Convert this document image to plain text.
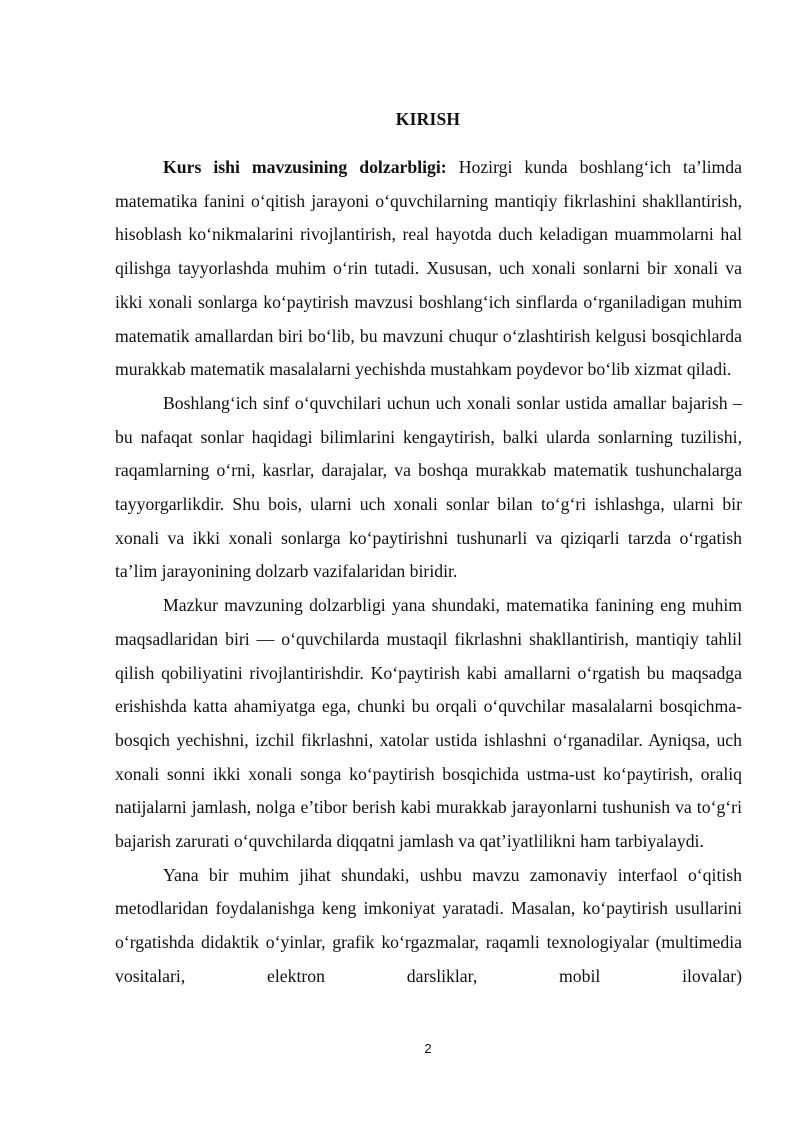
KIRISH

Kurs ishi mavzusining dolzarbligi: Hozirgi kunda boshlang‘ich ta’limda matematika fanini o‘qitish jarayoni o‘quvchilarning mantiqiy fikrlashini shakllantirish, hisoblash ko‘nikmalarini rivojlantirish, real hayotda duch keladigan muammolarni hal qilishga tayyorlashda muhim o‘rin tutadi. Xususan, uch xonali sonlarni bir xonali va ikki xonali sonlarga ko‘paytirish mavzusi boshlang‘ich sinflarda o‘rganiladigan muhim matematik amallardan biri bo‘lib, bu mavzuni chuqur o‘zlashtirish kelgusi bosqichlarda murakkab matematik masalalarni yechishda mustahkam poydevor bo‘lib xizmat qiladi.

Boshlang‘ich sinf o‘quvchilari uchun uch xonali sonlar ustida amallar bajarish – bu nafaqat sonlar haqidagi bilimlarini kengaytirish, balki ularda sonlarning tuzilishi, raqamlarning o‘rni, kasrlar, darajalar, va boshqa murakkab matematik tushunchalarga tayyorgarlikdir. Shu bois, ularni uch xonali sonlar bilan to‘g‘ri ishlashga, ularni bir xonali va ikki xonali sonlarga ko‘paytirishni tushunarli va qiziqarli tarzda o‘rgatish ta’lim jarayonining dolzarb vazifalaridan biridir.

Mazkur mavzuning dolzarbligi yana shundaki, matematika fanining eng muhim maqsadlaridan biri — o‘quvchilarda mustaqil fikrlashni shakllantirish, mantiqiy tahlil qilish qobiliyatini rivojlantirishdir. Ko‘paytirish kabi amallarni o‘rgatish bu maqsadga erishishda katta ahamiyatga ega, chunki bu orqali o‘quvchilar masalalarni bosqichma-bosqich yechishni, izchil fikrlashni, xatolar ustida ishlashni o‘rganadilar. Ayniqsa, uch xonali sonni ikki xonali songa ko‘paytirish bosqichida ustma-ust ko‘paytirish, oraliq natijalarni jamlash, nolga e’tibor berish kabi murakkab jarayonlarni tushunish va to‘g‘ri bajarish zarurati o‘quvchilarda diqqatni jamlash va qat’iyatlilikni ham tarbiyalaydi.

Yana bir muhim jihat shundaki, ushbu mavzu zamonaviy interfaol o‘qitish metodlaridan foydalanishga keng imkoniyat yaratadi. Masalan, ko‘paytirish usullarini o‘rgatishda didaktik o‘yinlar, grafik ko‘rgazmalar, raqamli texnologiyalar (multimedia vositalari, elektron darsliklar, mobil ilovalar)

2
